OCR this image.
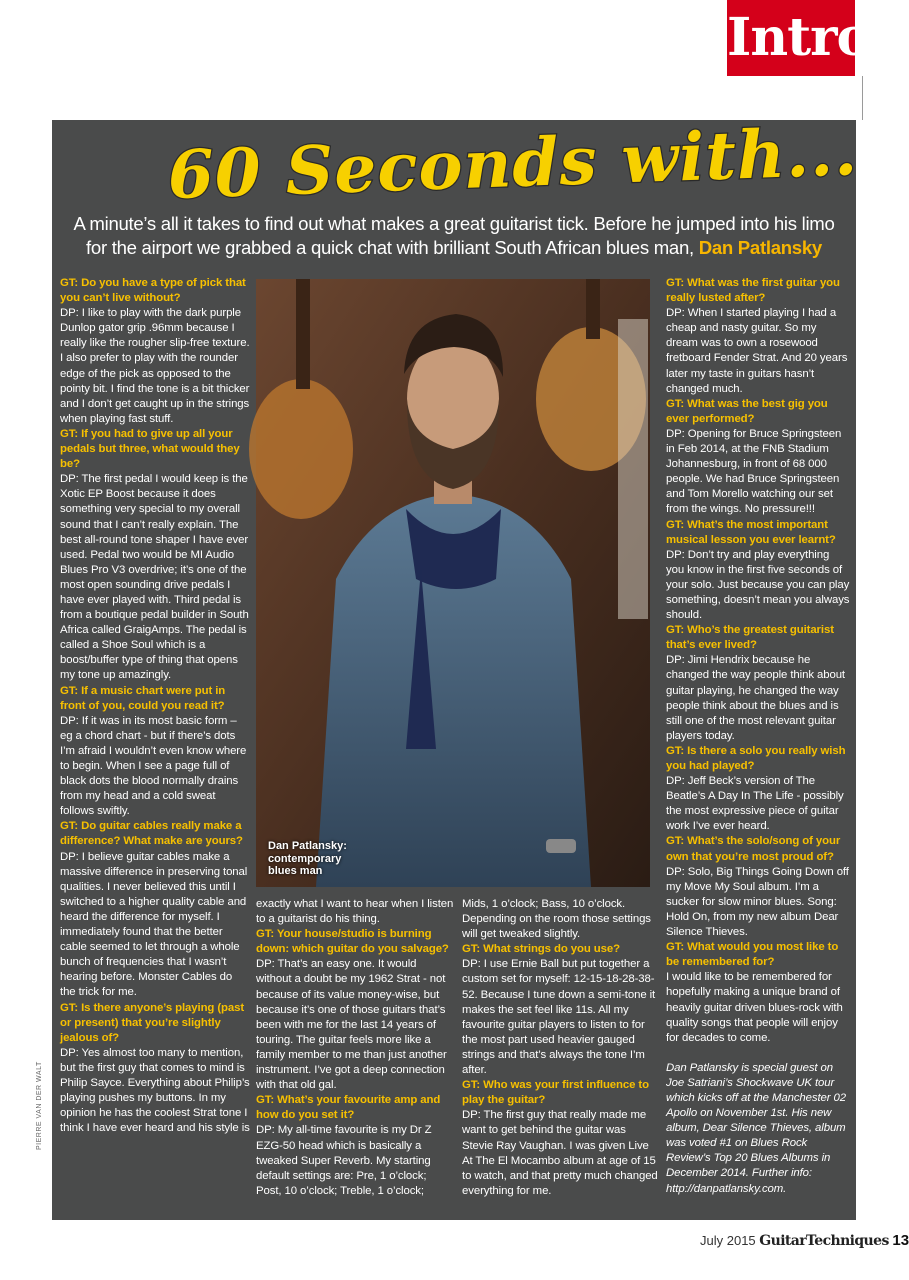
Intro
60 Seconds with...
A minute’s all it takes to find out what makes a great guitarist tick. Before he jumped into his limo
for the airport we grabbed a quick chat with brilliant South African blues man, Dan Patlansky
Dan Patlansky:
contemporary
blues man
PIERRE VAN DER WALT

GT: Do you have a type of pick that you can’t live without?

DP: I like to play with the dark purple Dunlop gator grip .96mm because I really like the rougher slip-free texture. I also prefer to play with the rounder edge of the pick as opposed to the pointy bit. I find the tone is a bit thicker and I don’t get caught up in the strings when playing fast stuff.

GT: If you had to give up all your pedals but three, what would they be?

DP: The first pedal I would keep is the Xotic EP Boost because it does something very special to my overall sound that I can’t really explain. The best all-round tone shaper I have ever used. Pedal two would be MI Audio Blues Pro V3 overdrive; it’s one of the most open sounding drive pedals I have ever played with. Third pedal is from a boutique pedal builder in South Africa called GraigAmps. The pedal is called a Shoe Soul which is a boost/buffer type of thing that opens my tone up amazingly.

GT: If a music chart were put in front of you, could you read it?

DP: If it was in its most basic form – eg a chord chart - but if there’s dots I’m afraid I wouldn’t even know where to begin. When I see a page full of black dots the blood normally drains from my head and a cold sweat follows swiftly.

GT: Do guitar cables really make a difference? What make are yours?

DP: I believe guitar cables make a massive difference in preserving tonal qualities. I never believed this until I switched to a higher quality cable and heard the difference for myself. I immediately found that the better cable seemed to let through a whole bunch of frequencies that I wasn’t hearing before. Monster Cables do the trick for me.

GT: Is there anyone’s playing (past or present) that you’re slightly jealous of?

DP: Yes almost too many to mention, but the first guy that comes to mind is Philip Sayce. Everything about Philip’s playing pushes my buttons. In my opinion he has the coolest Strat tone I think I have ever heard and his style is

exactly what I want to hear when I listen to a guitarist do his thing.

GT: Your house/studio is burning down: which guitar do you salvage?

DP: That’s an easy one. It would without a doubt be my 1962 Strat - not because of its value money-wise, but because it’s one of those guitars that’s been with me for the last 14 years of touring. The guitar feels more like a family member to me than just another instrument. I’ve got a deep connection with that old gal.

GT: What’s your favourite amp and how do you set it?

DP: My all-time favourite is my Dr Z EZG-50 head which is basically a tweaked Super Reverb. My starting default settings are: Pre, 1 o’clock; Post, 10 o’clock; Treble, 1 o’clock;

Mids, 1 o’clock; Bass, 10 o’clock. Depending on the room those settings will get tweaked slightly.

GT: What strings do you use?

DP: I use Ernie Ball but put together a custom set for myself: 12-15-18-28-38-52. Because I tune down a semi-tone it makes the set feel like 11s. All my favourite guitar players to listen to for the most part used heavier gauged strings and that’s always the tone I’m after.

GT: Who was your first influence to play the guitar?

DP: The first guy that really made me want to get behind the guitar was Stevie Ray Vaughan. I was given Live At The El Mocambo album at age of 15 to watch, and that pretty much changed everything for me.

GT: What was the first guitar you really lusted after?

DP: When I started playing I had a cheap and nasty guitar. So my dream was to own a rosewood fretboard Fender Strat. And 20 years later my taste in guitars hasn’t changed much.

GT: What was the best gig you ever performed?

DP: Opening for Bruce Springsteen in Feb 2014, at the FNB Stadium Johannesburg, in front of 68 000 people. We had Bruce Springsteen and Tom Morello watching our set from the wings. No pressure!!!

GT: What’s the most important musical lesson you ever learnt?

DP: Don’t try and play everything you know in the first five seconds of your solo. Just because you can play something, doesn’t mean you always should.

GT: Who’s the greatest guitarist that’s ever lived?

DP: Jimi Hendrix because he changed the way people think about guitar playing, he changed the way people think about the blues and is still one of the most relevant guitar players today.

GT: Is there a solo you really wish you had played?

DP: Jeff Beck’s version of The Beatle’s A Day In The Life - possibly the most expressive piece of guitar work I’ve ever heard.

GT: What’s the solo/song of your own that you’re most proud of?

DP: Solo, Big Things Going Down off my Move My Soul album. I’m a sucker for slow minor blues. Song: Hold On, from my new album Dear Silence Thieves.

GT: What would you most like to be remembered for?

I would like to be remembered for hopefully making a unique brand of heavily guitar driven blues-rock with quality songs that people will enjoy for decades to come.

Dan Patlansky is special guest on Joe Satriani’s Shockwave UK tour which kicks off at the Manchester 02 Apollo on November 1st. His new album, Dear Silence Thieves, album was voted #1 on Blues Rock Review’s Top 20 Blues Albums in December 2014. Further info: http://danpatlansky.com.

July 2015 GuitarTechniques 13
